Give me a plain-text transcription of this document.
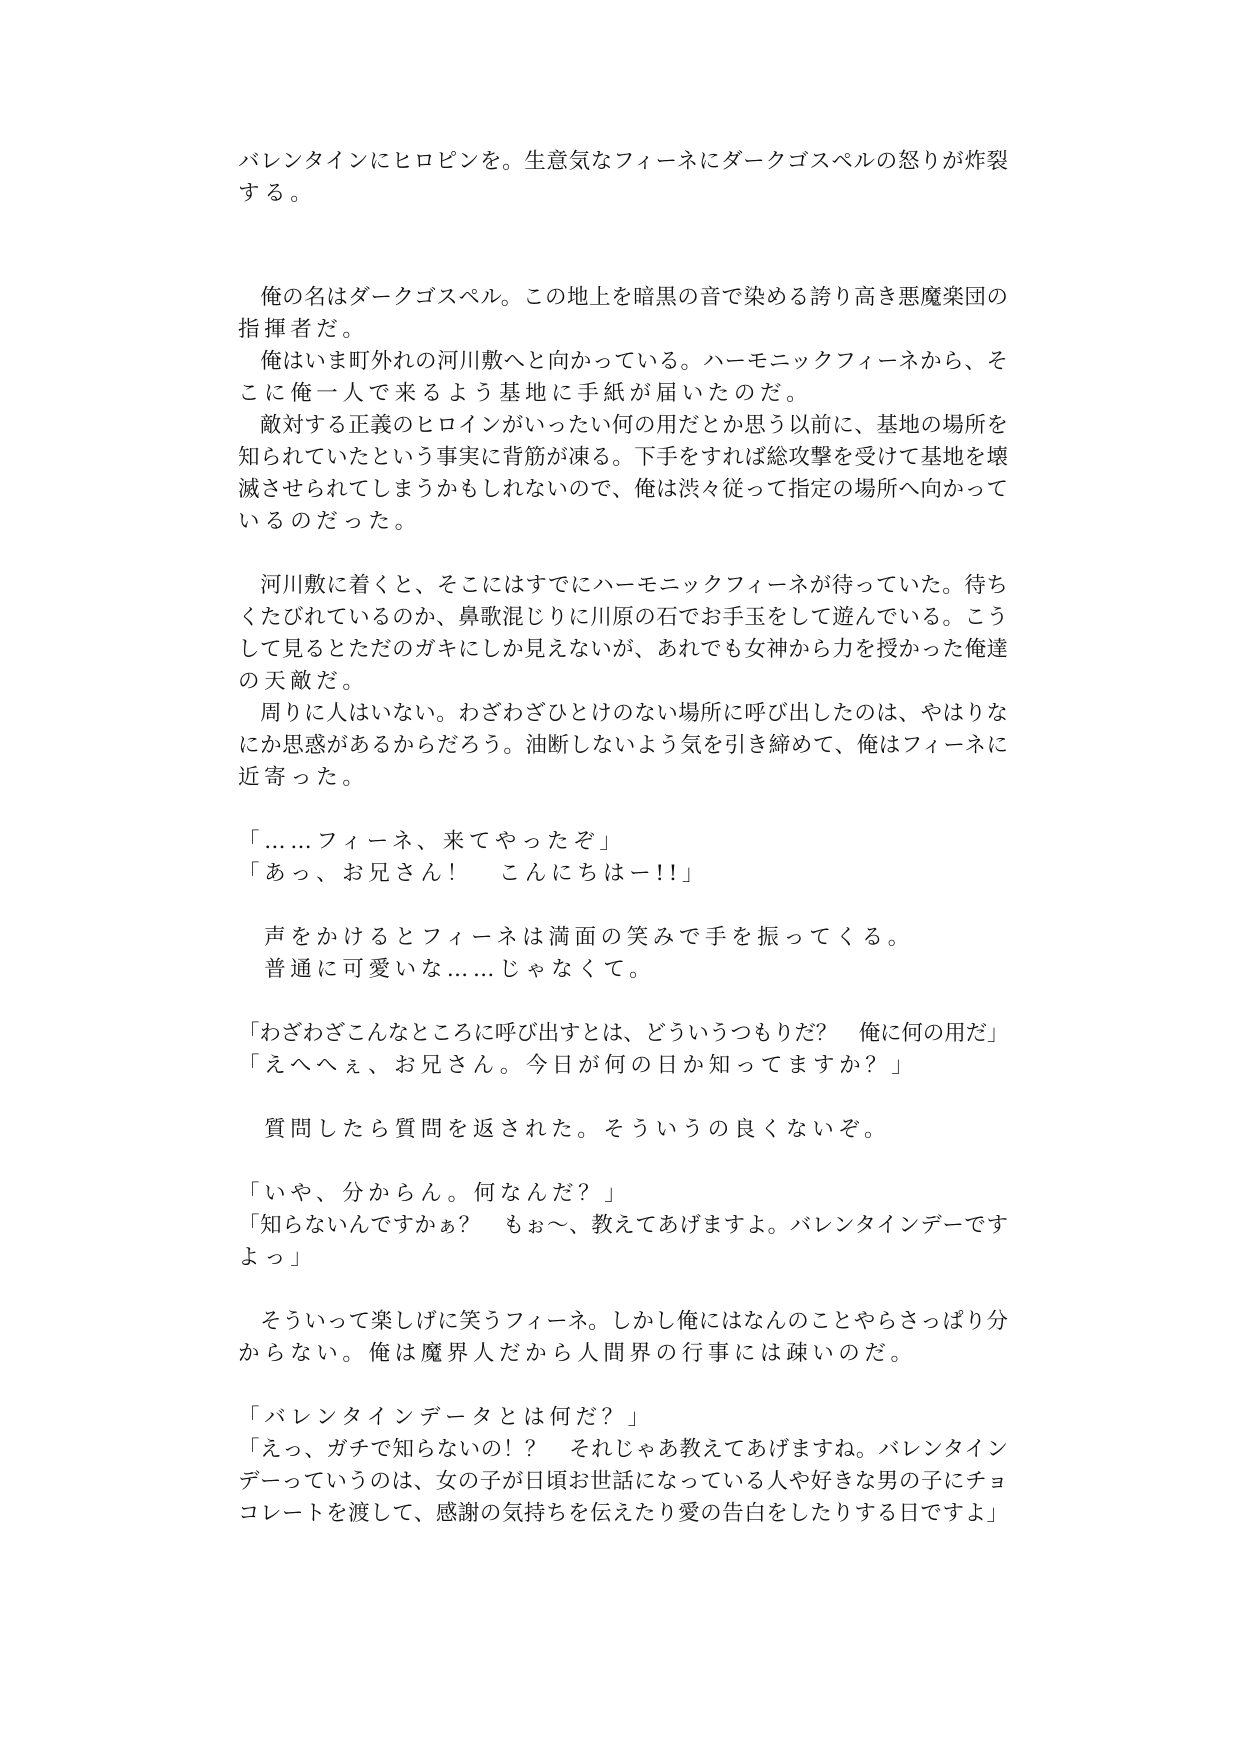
バレンタインにヒロピンを。生意気なフィーネにダークゴスペルの怒りが炸裂
する。
　俺の名はダークゴスペル。この地上を暗黒の音で染める誇り高き悪魔楽団の
指揮者だ。
　俺はいま町外れの河川敷へと向かっている。ハーモニックフィーネから、そ
こに俺一人で来るよう基地に手紙が届いたのだ。
　敵対する正義のヒロインがいったい何の用だとか思う以前に、基地の場所を
知られていたという事実に背筋が凍る。下手をすれば総攻撃を受けて基地を壊
滅させられてしまうかもしれないので、俺は渋々従って指定の場所へ向かって
いるのだった。
　河川敷に着くと、そこにはすでにハーモニックフィーネが待っていた。待ち
くたびれているのか、鼻歌混じりに川原の石でお手玉をして遊んでいる。こう
して見るとただのガキにしか見えないが、あれでも女神から力を授かった俺達
の天敵だ。
　周りに人はいない。わざわざひとけのない場所に呼び出したのは、やはりな
にか思惑があるからだろう。油断しないよう気を引き締めて、俺はフィーネに
近寄った。
「……フィーネ、来てやったぞ」
「あっ、お兄さん！　こんにちはー!!」
　声をかけるとフィーネは満面の笑みで手を振ってくる。
　普通に可愛いな……じゃなくて。
「わざわざこんなところに呼び出すとは、どういうつもりだ？　俺に何の用だ」
「えへへぇ、お兄さん。今日が何の日か知ってますか？」
　質問したら質問を返された。そういうの良くないぞ。
「いや、分からん。何なんだ？」
「知らないんですかぁ？　もぉ～、教えてあげますよ。バレンタインデーです
よっ」
　そういって楽しげに笑うフィーネ。しかし俺にはなんのことやらさっぱり分
からない。俺は魔界人だから人間界の行事には疎いのだ。
「バレンタインデータとは何だ？」
「えっ、ガチで知らないの！？　それじゃあ教えてあげますね。バレンタイン
デーっていうのは、女の子が日頃お世話になっている人や好きな男の子にチョ
コレートを渡して、感謝の気持ちを伝えたり愛の告白をしたりする日ですよ」
